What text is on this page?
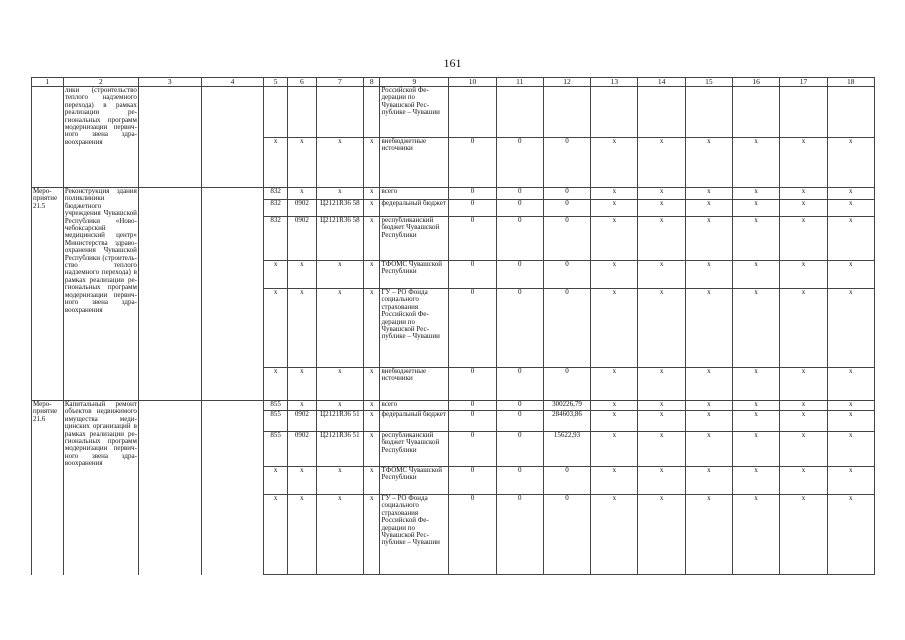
161
1	2	3	4	5	6	7	8	9	10	11	12	13	14	15	16	17	18
	лики (строительство теплого надземного перехода) в рамках реализации региональных программ модернизации первичного звена здравоохранения							Российской Федерации по Чувашской Республике – Чувашии									
				х	х	х	х	внебюджетные источники	0	0	0	х	х	х	х	х	х
Мероприятие 21.5	Реконструкция здания поликлиники бюджетного учреждения Чувашской Республики «Новочебоксарский медицинский центр» Министерства здравоохранения Чувашской Республики (строительство теплого надземного перехода) в рамках реализации региональных программ модернизации первичного звена здравоохранения			832	х	х	х	всего	0	0	0	х	х	х	х	х	х
				832	0902	Ц2121R36 58	х	федеральный бюджет	0	0	0	х	х	х	х	х	х
				832	0902	Ц2121R36 58	х	республиканский бюджет Чувашской Республики	0	0	0	х	х	х	х	х	х
				х	х	х	х	ТФОМС Чувашской Республики	0	0	0	х	х	х	х	х	х
				х	х	х	х	ГУ – РО Фонда социального страхования Российской Федерации по Чувашской Республике – Чувашии	0	0	0	х	х	х	х	х	х
				х	х	х	х	внебюджетные источники	0	0	0	х	х	х	х	х	х
Мероприятие 21.6	Капитальный ремонт объектов недвижимого имущества медицинских организаций в рамках реализации региональных программ модернизации первичного звена здравоохранения			855	х	х	х	всего	0	0	300226,79	х	х	х	х	х	х
				855	0902	Ц2121R36 51	х	федеральный бюджет	0	0	284603,86	х	х	х	х	х	х
				855	0902	Ц2121R36 51	х	республиканский бюджет Чувашской Республики	0	0	15622,93	х	х	х	х	х	х
				х	х	х	х	ТФОМС Чувашской Республики	0	0	0	х	х	х	х	х	х
				х	х	х	х	ГУ – РО Фонда социального страхования Российской Федерации по Чувашской Республике – Чувашии	0	0	0	х	х	х	х	х	х
